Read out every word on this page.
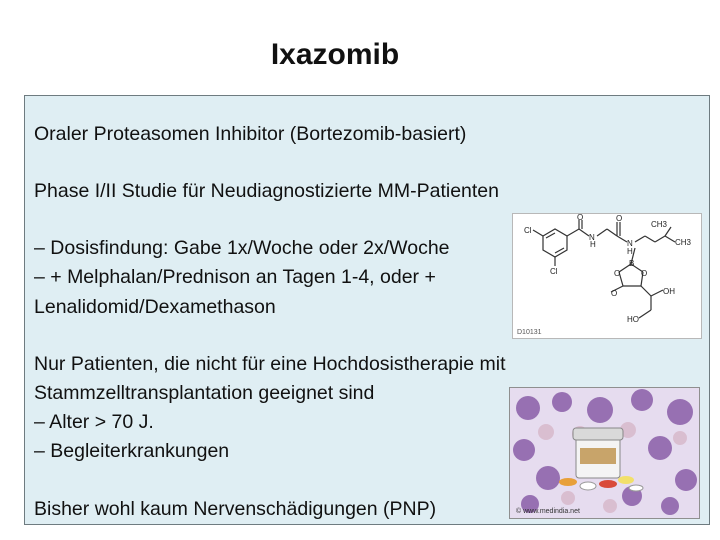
Ixazomib
Oraler Proteasomen Inhibitor (Bortezomib-basiert)
Phase I/II Studie für Neudiagnostizierte MM-Patienten
– Dosisfindung: Gabe 1x/Woche oder 2x/Woche
– + Melphalan/Prednison an Tagen 1-4, oder +
Lenalidomid/Dexamethason
Nur Patienten, die nicht für eine Hochdosistherapie mit
Stammzelltransplantation geeignet sind
– Alter > 70 J.
– Begleiterkrankungen
Bisher wohl kaum Nervenschädigungen (PNP)
Cl
Cl
O
N
H
O
N
H
CH3
CH3
B
O	O
O	OH
HO
D10131
© www.medindia.net
